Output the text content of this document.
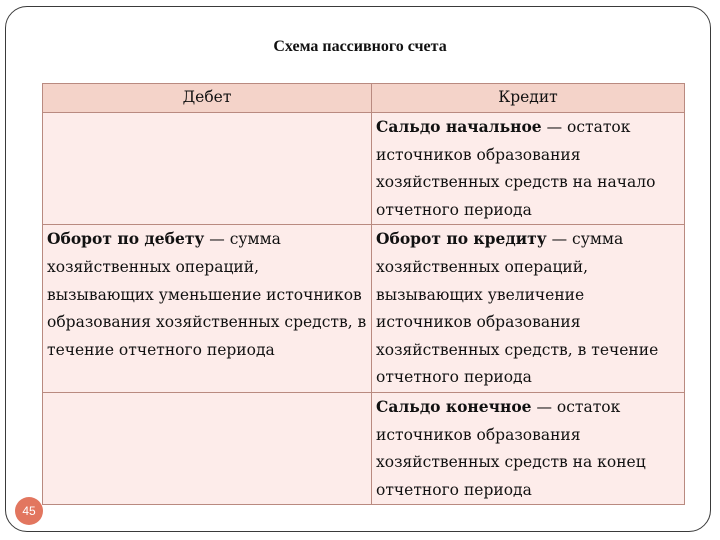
Схема пассивного счета
Дебет	Кредит
	Сальдо начальное — остаток источников образования хозяйственных средств на начало отчетного периода
Оборот по дебету — сумма хозяйственных операций, вызывающих уменьшение источников образования хозяйственных средств, в течение отчетного периода	Оборот по кредиту — сумма хозяйственных операций, вызывающих увеличение источников образования хозяйственных средств, в течение отчетного периода
	Сальдо конечное — остаток источников образования хозяйственных средств на конец отчетного периода
45
